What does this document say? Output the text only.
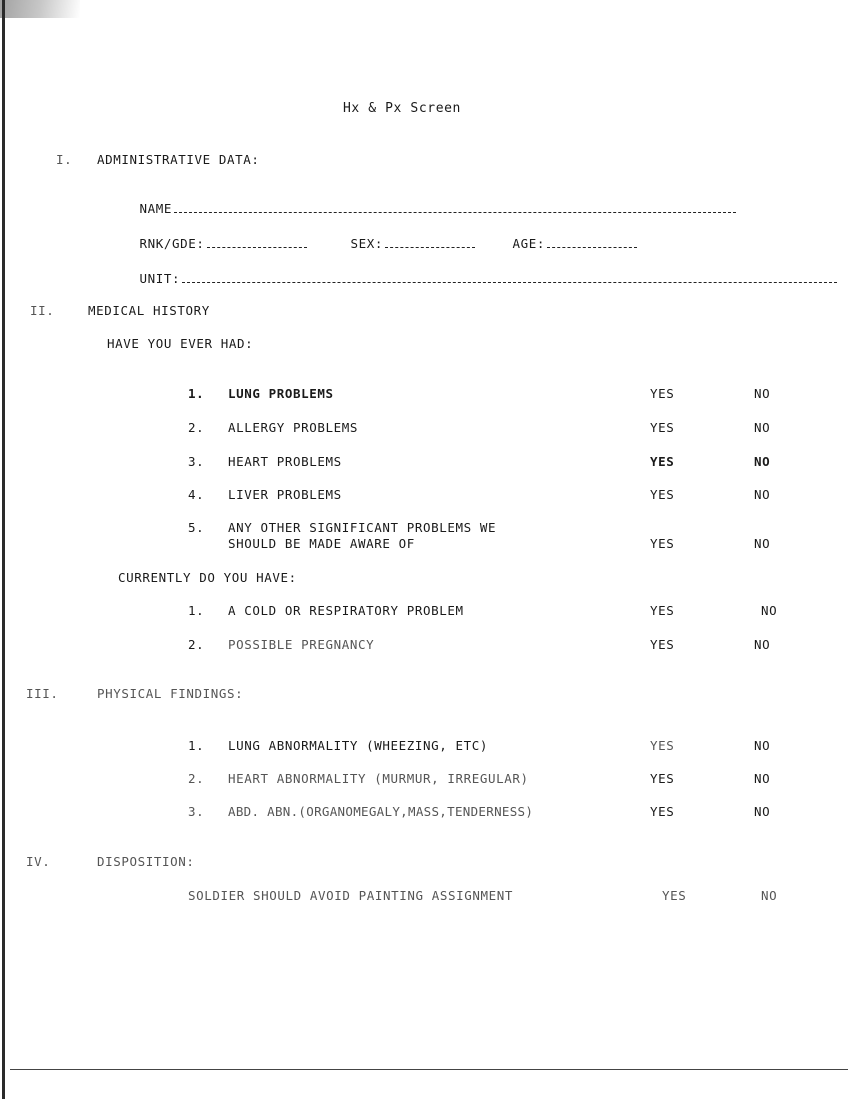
Hx & Px Screen
I. ADMINISTRATIVE DATA:

NAME

RNK/GDE:
	SEX:
	AGE:

UNIT:

II.	MEDICAL HISTORY
HAVE YOU EVER HAD:
1. LUNG PROBLEMS	YES	NO
2. ALLERGY PROBLEMS	YES	NO
3. HEART PROBLEMS	YES	NO
4. LIVER PROBLEMS	YES	NO
5. ANY OTHER SIGNIFICANT PROBLEMS WE
SHOULD BE MADE AWARE OF	YES	NO
CURRENTLY DO YOU HAVE:
1. A COLD OR RESPIRATORY PROBLEM	YES	NO
2. POSSIBLE PREGNANCY	YES	NO
III.	PHYSICAL FINDINGS:
1. LUNG ABNORMALITY (WHEEZING, ETC)	YES	NO
2. HEART ABNORMALITY (MURMUR, IRREGULAR)	YES	NO
3. ABD. ABN.(ORGANOMEGALY,MASS,TENDERNESS)	YES	NO
IV.	DISPOSITION:
SOLDIER SHOULD AVOID PAINTING ASSIGNMENT	YES	NO
